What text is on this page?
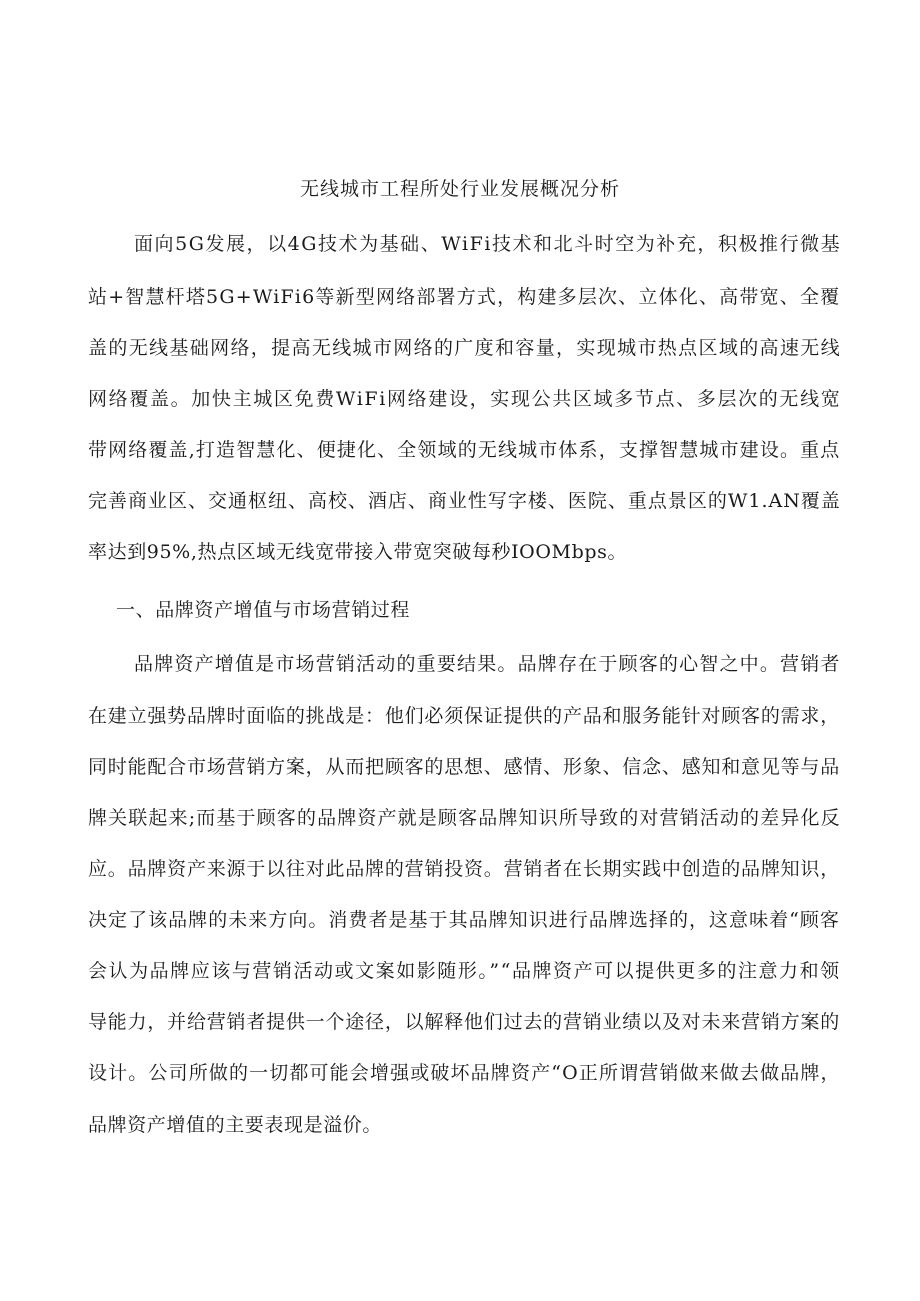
无线城市工程所处行业发展概况分析
面向5G发展，以4G技术为基础、WiFi技术和北斗时空为补充，积极推行微基
站+智慧杆塔5G+WiFi6等新型网络部署方式，构建多层次、立体化、高带宽、全覆
盖的无线基础网络，提高无线城市网络的广度和容量，实现城市热点区域的高速无线
网络覆盖。加快主城区免费WiFi网络建设，实现公共区域多节点、多层次的无线宽
带网络覆盖,打造智慧化、便捷化、全领域的无线城市体系，支撑智慧城市建设。重点
完善商业区、交通枢纽、高校、酒店、商业性写字楼、医院、重点景区的W1.AN覆盖
率达到95%,热点区域无线宽带接入带宽突破每秒IOOMbps。
一、品牌资产增值与市场营销过程
品牌资产增值是市场营销活动的重要结果。品牌存在于顾客的心智之中。营销者
在建立强势品牌时面临的挑战是：他们必须保证提供的产品和服务能针对顾客的需求，
同时能配合市场营销方案，从而把顾客的思想、感情、形象、信念、感知和意见等与品
牌关联起来;而基于顾客的品牌资产就是顾客品牌知识所导致的对营销活动的差异化反
应。品牌资产来源于以往对此品牌的营销投资。营销者在长期实践中创造的品牌知识，
决定了该品牌的未来方向。消费者是基于其品牌知识进行品牌选择的，这意味着“顾客
会认为品牌应该与营销活动或文案如影随形。”“品牌资产可以提供更多的注意力和领
导能力，并给营销者提供一个途径，以解释他们过去的营销业绩以及对未来营销方案的
设计。公司所做的一切都可能会增强或破坏品牌资产“O正所谓营销做来做去做品牌，
品牌资产增值的主要表现是溢价。
